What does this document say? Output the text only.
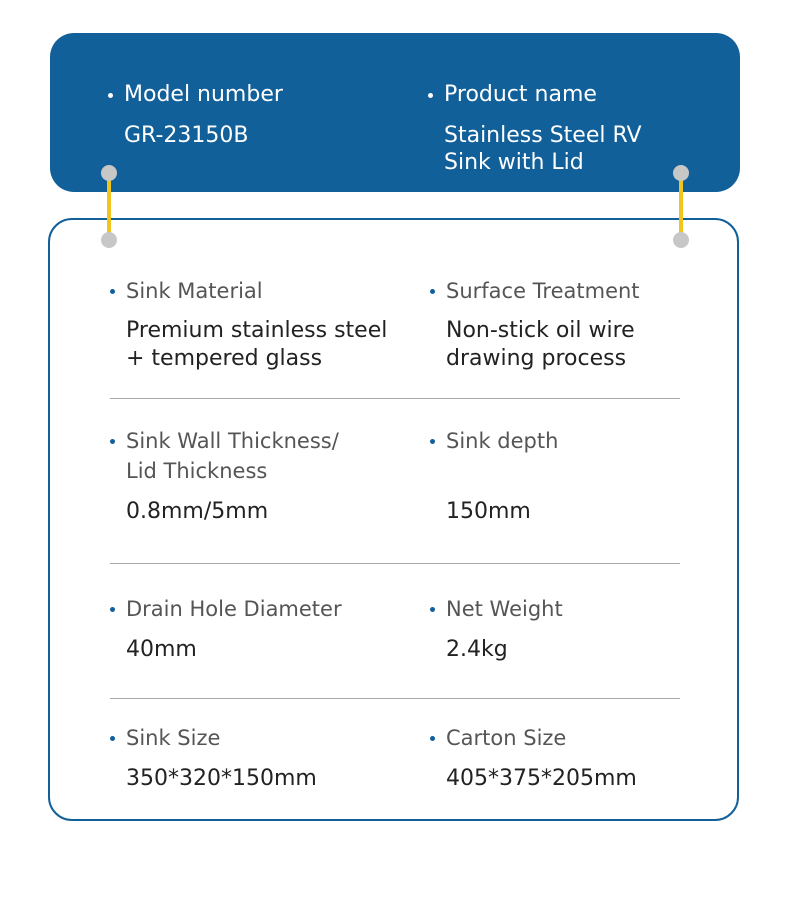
Model number
GR-23150B
Product name
Stainless Steel RV
Sink with Lid
Sink Material
Premium stainless steel
+ tempered glass
Surface Treatment
Non-stick oil wire
drawing process
Sink Wall Thickness/
Lid Thickness
0.8mm/5mm
Sink depth
150mm
Drain Hole Diameter
40mm
Net Weight
2.4kg
Sink Size
350*320*150mm
Carton Size
405*375*205mm
